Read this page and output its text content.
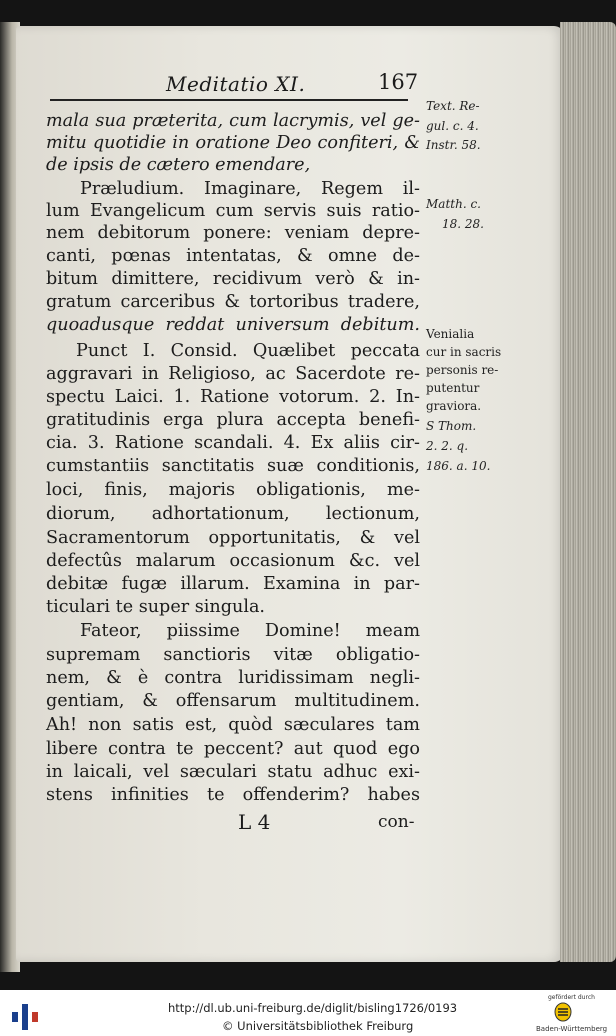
Meditatio XI.	167
mala sua præterita, cum lacrymis, vel ge-
mitu quotidie in oratione Deo confiteri, &
de ipsis de cætero emendare,
Præludium. Imaginare, Regem il-
lum Evangelicum cum servis suis ratio-
nem debitorum ponere: veniam depre-
canti, pœnas intentatas, & omne de-
bitum dimittere, recidivum verò & in-
gratum carceribus & tortoribus tradere,
quoadusque reddat universum debitum.
Punct I. Consid. Quælibet peccata
aggravari in Religioso, ac Sacerdote re-
spectu Laici. 1. Ratione votorum. 2. In-
gratitudinis erga plura accepta benefi-
cia. 3. Ratione scandali. 4. Ex aliis cir-
cumstantiis sanctitatis suæ conditionis,
loci, finis, majoris obligationis, me-
diorum, adhortationum, lectionum,
Sacramentorum opportunitatis, & vel
defectûs malarum occasionum &c. vel
debitæ fugæ illarum. Examina in par-
ticulari te super singula.
Fateor, piissime Domine! meam
supremam sanctioris vitæ obligatio-
nem, & è contra luridissimam negli-
gentiam, & offensarum multitudinem.
Ah! non satis est, quòd sæculares tam
libere contra te peccent? aut quod ego
in laicali, vel sæculari statu adhuc exi-
stens infinities te offenderim? habes
Text. Re-
gul. c. 4.
Instr. 58.
Matth. c.
18. 28.
Venialia
cur in sacris
personis re-
putentur
graviora.
S Thom.
2. 2. q.
186. a. 10.
L 4	con-
http://dl.ub.uni-freiburg.de/diglit/bisling1726/0193
© Universitätsbibliothek Freiburg
gefördert durch
Baden-Württemberg
